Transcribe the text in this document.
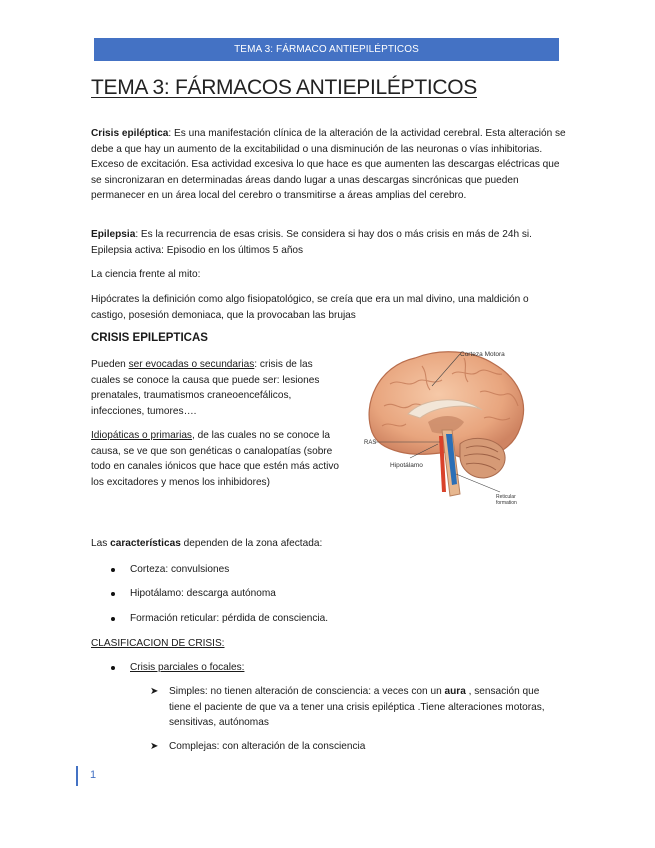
TEMA 3: FÁRMACO ANTIEPILÉPTICOS
TEMA 3: FÁRMACOS ANTIEPILÉPTICOS

Crisis epiléptica: Es una manifestación clínica de la alteración de la actividad cerebral. Esta alteración se debe a que hay un aumento de la excitabilidad o una disminución de las neuronas o vías inhibitorias. Exceso de excitación. Esa actividad excesiva lo que hace es que aumenten las descargas eléctricas que se sincronizaran en determinadas áreas dando lugar a unas descargas sincrónicas que pueden permanecer en un área local del cerebro o transmitirse a áreas amplias del cerebro.

Epilepsia: Es la recurrencia de esas crisis. Se considera si hay dos o más crisis en más de 24h si.
Epilepsia activa: Episodio en los últimos 5 años

La ciencia frente al mito:

Hipócrates la definición como algo fisiopatológico, se creía que era un mal divino, una maldición o castigo, posesión demoniaca, que la provocaban las brujas

CRISIS EPILEPTICAS

Pueden ser evocadas o secundarias: crisis de las cuales se conoce la causa que puede ser: lesiones prenatales, traumatismos craneoencefálicos, infecciones, tumores….

Idiopáticas o primarias, de las cuales no se conoce la causa, se ve que son genéticas o canalopatías (sobre todo en canales iónicos que hace que estén más activo los excitadores y menos los inhibidores)

Corteza Motora
RAS
Hipotálamo
Reticular formation

Las características dependen de la zona afectada:

Corteza: convulsiones
Hipotálamo: descarga autónoma
Formación reticular: pérdida de consciencia.
CLASIFICACION DE CRISIS:
Crisis parciales o focales:
➤ Simples: no tienen alteración de consciencia: a veces con un aura , sensación que tiene el paciente de que va a tener una crisis epiléptica .Tiene alteraciones motoras, sensitivas, autónomas

➤ Complejas: con alteración de la consciencia
1
